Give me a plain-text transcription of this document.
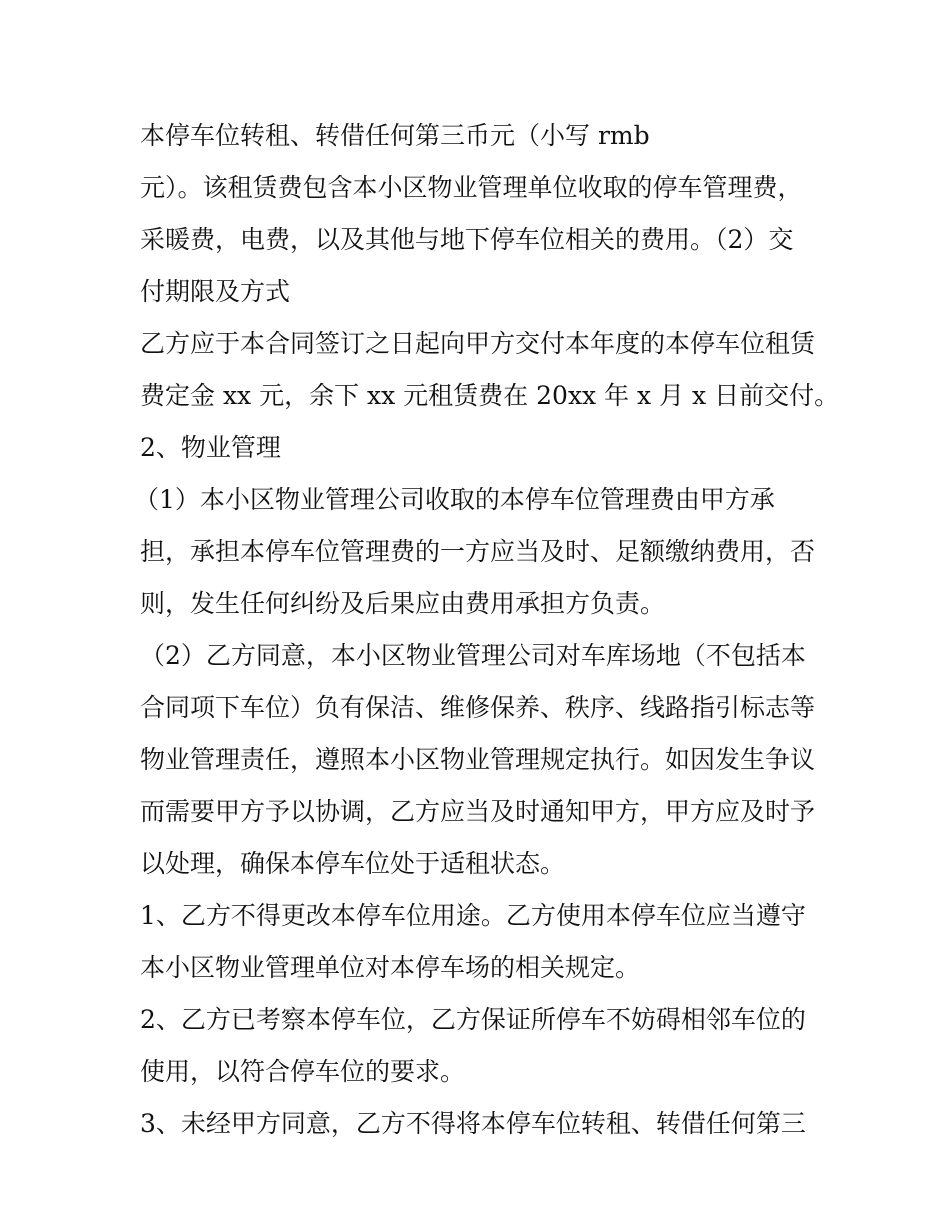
本停车位转租、转借任何第三币元（小写 rmb
元）。该租赁费包含本小区物业管理单位收取的停车管理费，
采暖费，电费，以及其他与地下停车位相关的费用。（2）交
付期限及方式
乙方应于本合同签订之日起向甲方交付本年度的本停车位租赁
费定金 xx 元，余下 xx 元租赁费在 20xx 年 x 月 x 日前交付。
2、物业管理
（1）本小区物业管理公司收取的本停车位管理费由甲方承
担，承担本停车位管理费的一方应当及时、足额缴纳费用，否
则，发生任何纠纷及后果应由费用承担方负责。
（2）乙方同意，本小区物业管理公司对车库场地（不包括本
合同项下车位）负有保洁、维修保养、秩序、线路指引标志等
物业管理责任，遵照本小区物业管理规定执行。如因发生争议
而需要甲方予以协调，乙方应当及时通知甲方，甲方应及时予
以处理，确保本停车位处于适租状态。
1、乙方不得更改本停车位用途。乙方使用本停车位应当遵守
本小区物业管理单位对本停车场的相关规定。
2、乙方已考察本停车位，乙方保证所停车不妨碍相邻车位的
使用，以符合停车位的要求。
3、未经甲方同意，乙方不得将本停车位转租、转借任何第三
